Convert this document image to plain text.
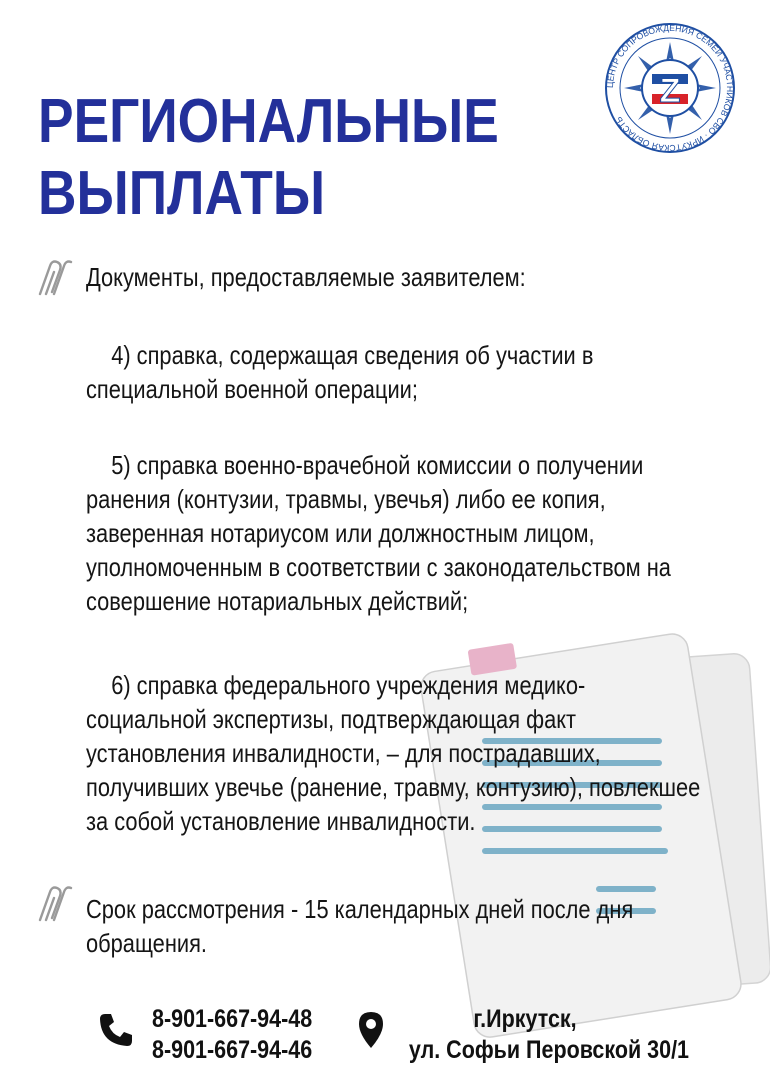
РЕГИОНАЛЬНЫЕ
ВЫПЛАТЫ
Z
ЦЕНТР СОПРОВОЖДЕНИЯ СЕМЕЙ УЧАСТНИКОВ СВО · ИРКУТСКАЯ ОБЛАСТЬ

Документы, предоставляемые заявителем:

4) справка, содержащая сведения об участии в
специальной военной операции;

5) справка военно-врачебной комиссии о получении
ранения (контузии, травмы, увечья) либо ее копия,
заверенная нотариусом или должностным лицом,
уполномоченным в соответствии с законодательством на
совершение нотариальных действий;

6) справка федерального учреждения медико-
социальной экспертизы, подтверждающая факт
установления инвалидности, – для пострадавших,
получивших увечье (ранение, травму, контузию), повлекшее
за собой установление инвалидности.

Срок рассмотрения - 15 календарных дней после дня
обращения.

8-901-667-94-48
8-901-667-94-46

г.Иркутск,
ул. Софьи Перовской 30/1
